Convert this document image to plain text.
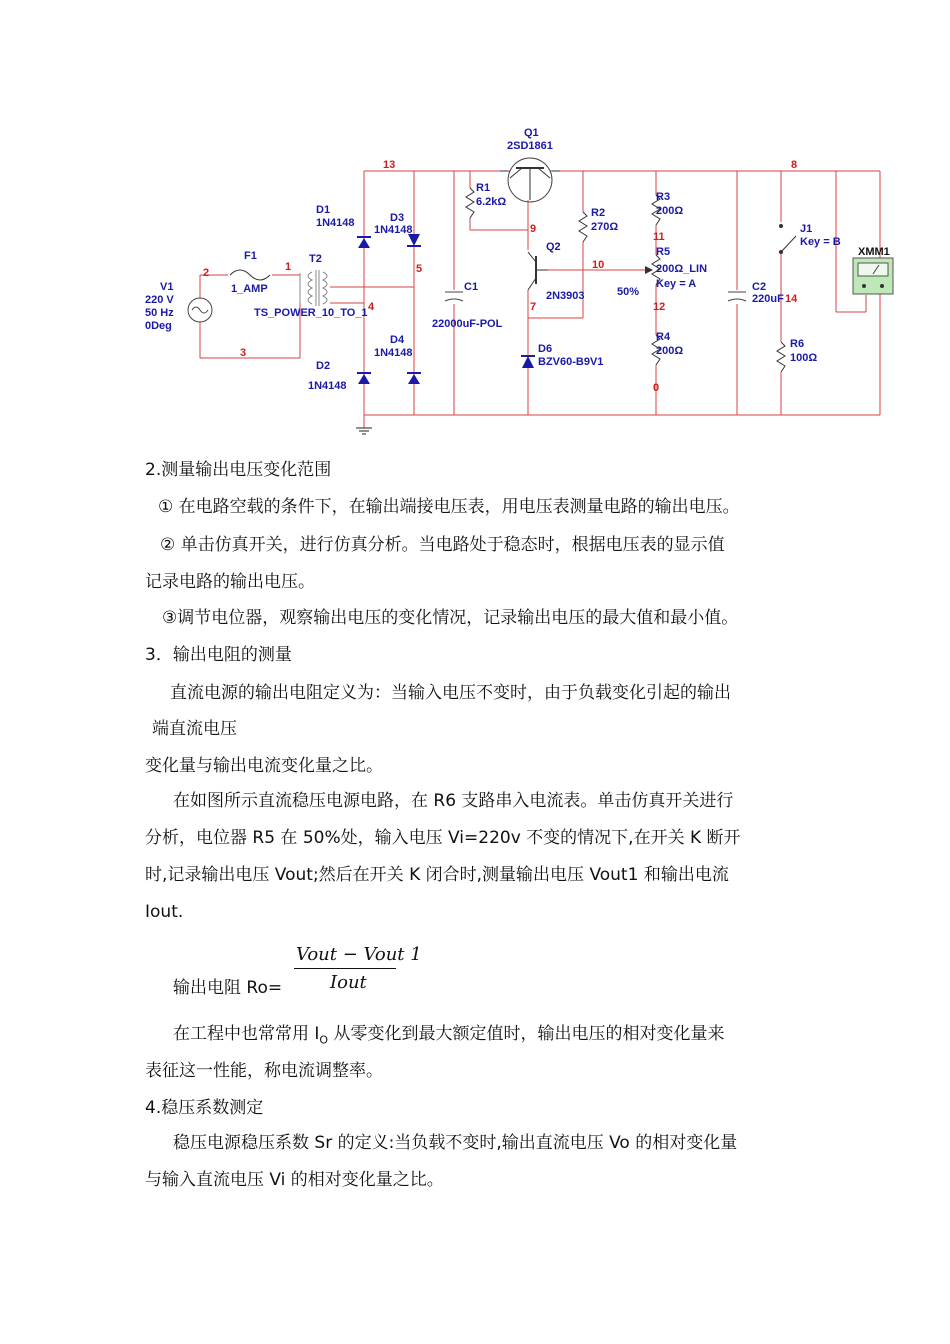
Q1
2SD1861
R1
6.2kΩ
R2
270Ω
R3
200Ω
R5
200Ω_LIN
Key = A
50%
R4
200Ω
Q2
2N3903
D6
BZV60-B9V1
D1
1N4148	D3
1N4148
D4
1N4148
D2
1N4148
F1
1_AMP
T2
TS_POWER_10_TO_1
C1
22000uF-POL
C2
220uF
J1
Key = B
R6
100Ω
V1
220 V
50 Hz
0Deg
XMM1
13	8
2	1
3
4
5
9
10
11
12
7
0
14
2.测量输出电压变化范围
① 在电路空载的条件下，在输出端接电压表，用电压表测量电路的输出电压。
② 单击仿真开关，进行仿真分析。当电路处于稳态时，根据电压表的显示值
记录电路的输出电压。
③调节电位器，观察输出电压的变化情况，记录输出电压的最大值和最小值。
3．输出电阻的测量
直流电源的输出电阻定义为：当输入电压不变时，由于负载变化引起的输出
端直流电压
变化量与输出电流变化量之比。
在如图所示直流稳压电源电路，在 R6 支路串入电流表。单击仿真开关进行
分析，电位器 R5 在 50%处，输入电压 Vi=220v 不变的情况下,在开关 K 断开
时,记录输出电压 Vout;然后在开关 K 闭合时,测量输出电压 Vout1 和输出电流
Iout.
输出电阻 Ro=
Vout − Vout 1
Iout
在工程中也常常用 $I_O$ 从零变化到最大额定值时，输出电压的相对变化量来
表征这一性能，称电流调整率。
4.稳压系数测定
稳压电源稳压系数 Sr 的定义:当负载不变时,输出直流电压 Vo 的相对变化量
与输入直流电压 Vi 的相对变化量之比。
